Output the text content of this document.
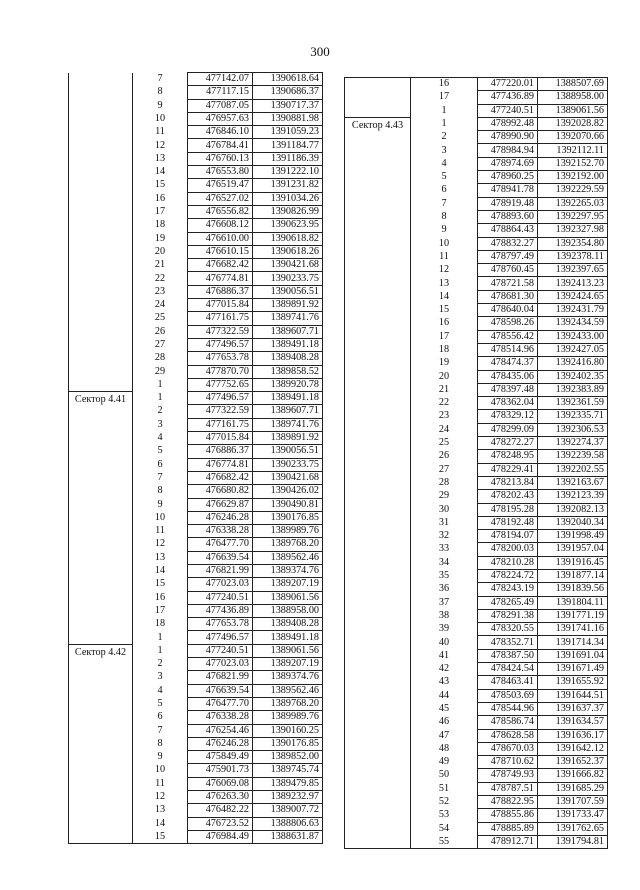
300
	7	477142.07	1390618.64
	8	477117.15	1390686.37
	9	477087.05	1390717.37
	10	476957.63	1390881.98
	11	476846.10	1391059.23
	12	476784.41	1391184.77
	13	476760.13	1391186.39
	14	476553.80	1391222.10
	15	476519.47	1391231.82
	16	476527.02	1391034.26
	17	476556.82	1390826.99
	18	476608.12	1390623.95
	19	476610.00	1390618.82
	20	476610.15	1390618.26
	21	476682.42	1390421.68
	22	476774.81	1390233.75
	23	476886.37	1390056.51
	24	477015.84	1389891.92
	25	477161.75	1389741.76
	26	477322.59	1389607.71
	27	477496.57	1389491.18
	28	477653.78	1389408.28
	29	477870.70	1389858.52
	1	477752.65	1389920.78
Сектор 4.41	1	477496.57	1389491.18
	2	477322.59	1389607.71
	3	477161.75	1389741.76
	4	477015.84	1389891.92
	5	476886.37	1390056.51
	6	476774.81	1390233.75
	7	476682.42	1390421.68
	8	476680.82	1390426.02
	9	476629.87	1390490.81
	10	476246.28	1390176.85
	11	476338.28	1389989.76
	12	476477.70	1389768.20
	13	476639.54	1389562.46
	14	476821.99	1389374.76
	15	477023.03	1389207.19
	16	477240.51	1389061.56
	17	477436.89	1388958.00
	18	477653.78	1389408.28
	1	477496.57	1389491.18
Сектор 4.42	1	477240.51	1389061.56
	2	477023.03	1389207.19
	3	476821.99	1389374.76
	4	476639.54	1389562.46
	5	476477.70	1389768.20
	6	476338.28	1389989.76
	7	476254.46	1390160.25
	8	476246.28	1390176.85
	9	475849.49	1389852.00
	10	475901.73	1389745.74
	11	476069.08	1389479.85
	12	476263.30	1389232.97
	13	476482.22	1389007.72
	14	476723.52	1388806.63
	15	476984.49	1388631.87
	16	477220.01	1388507.69
	17	477436.89	1388958.00
	1	477240.51	1389061.56
Сектор 4.43	1	478992.48	1392028.82
	2	478990.90	1392070.66
	3	478984.94	1392112.11
	4	478974.69	1392152.70
	5	478960.25	1392192.00
	6	478941.78	1392229.59
	7	478919.48	1392265.03
	8	478893.60	1392297.95
	9	478864.43	1392327.98
	10	478832.27	1392354.80
	11	478797.49	1392378.11
	12	478760.45	1392397.65
	13	478721.58	1392413.23
	14	478681.30	1392424.65
	15	478640.04	1392431.79
	16	478598.26	1392434.59
	17	478556.42	1392433.00
	18	478514.96	1392427.05
	19	478474.37	1392416.80
	20	478435.06	1392402.35
	21	478397.48	1392383.89
	22	478362.04	1392361.59
	23	478329.12	1392335.71
	24	478299.09	1392306.53
	25	478272.27	1392274.37
	26	478248.95	1392239.58
	27	478229.41	1392202.55
	28	478213.84	1392163.67
	29	478202.43	1392123.39
	30	478195.28	1392082.13
	31	478192.48	1392040.34
	32	478194.07	1391998.49
	33	478200.03	1391957.04
	34	478210.28	1391916.45
	35	478224.72	1391877.14
	36	478243.19	1391839.56
	37	478265.49	1391804.11
	38	478291.38	1391771.19
	39	478320.55	1391741.16
	40	478352.71	1391714.34
	41	478387.50	1391691.04
	42	478424.54	1391671.49
	43	478463.41	1391655.92
	44	478503.69	1391644.51
	45	478544.96	1391637.37
	46	478586.74	1391634.57
	47	478628.58	1391636.17
	48	478670.03	1391642.12
	49	478710.62	1391652.37
	50	478749.93	1391666.82
	51	478787.51	1391685.29
	52	478822.95	1391707.59
	53	478855.86	1391733.47
	54	478885.89	1391762.65
	55	478912.71	1391794.81
